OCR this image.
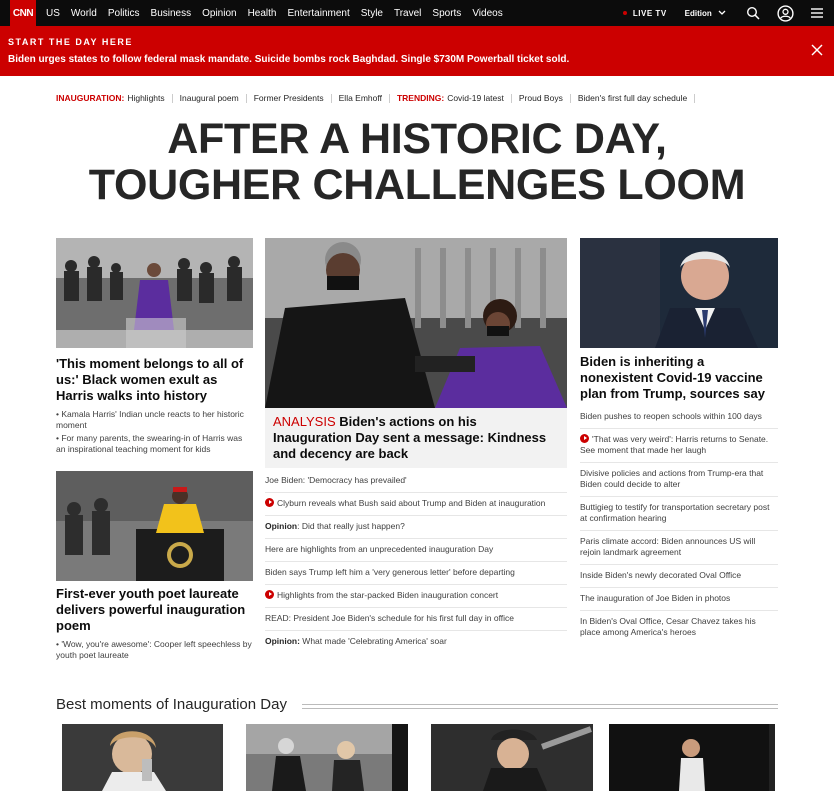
CNN US World Politics Business Opinion Health Entertainment Style Travel Sports Videos	LIVE TV Edition
START THE DAY HERE
Biden urges states to follow federal mask mandate. Suicide bombs rock Baghdad. Single $730M Powerball ticket sold.
INAUGURATION: Highlights Inaugural poem Former Presidents Ella Emhoff TRENDING: Covid-19 latest Proud Boys Biden's first full day schedule
AFTER A HISTORIC DAY,
TOUGHER CHALLENGES LOOM
'This moment belongs to all of us:' Black women exult as Harris walks into history
• Kamala Harris' Indian uncle reacts to her historic moment
• For many parents, the swearing-in of Harris was an inspirational teaching moment for kids
First-ever youth poet laureate delivers powerful inauguration poem
• 'Wow, you're awesome': Cooper left speechless by youth poet laureate
ANALYSIS Biden's actions on his Inauguration Day sent a message: Kindness and decency are back
Joe Biden: 'Democracy has prevailed'
Clyburn reveals what Bush said about Trump and Biden at inauguration
Opinion: Did that really just happen?
Here are highlights from an unprecedented inauguration Day
Biden says Trump left him a 'very generous letter' before departing
Highlights from the star-packed Biden inauguration concert
READ: President Joe Biden's schedule for his first full day in office
Opinion: What made 'Celebrating America' soar
Biden is inheriting a nonexistent Covid-19 vaccine plan from Trump, sources say
Biden pushes to reopen schools within 100 days
'That was very weird': Harris returns to Senate. See moment that made her laugh
Divisive policies and actions from Trump-era that Biden could decide to alter
Buttigieg to testify for transportation secretary post at confirmation hearing
Paris climate accord: Biden announces US will rejoin landmark agreement
Inside Biden's newly decorated Oval Office
The inauguration of Joe Biden in photos
In Biden's Oval Office, Cesar Chavez takes his place among America's heroes
Best moments of Inauguration Day
